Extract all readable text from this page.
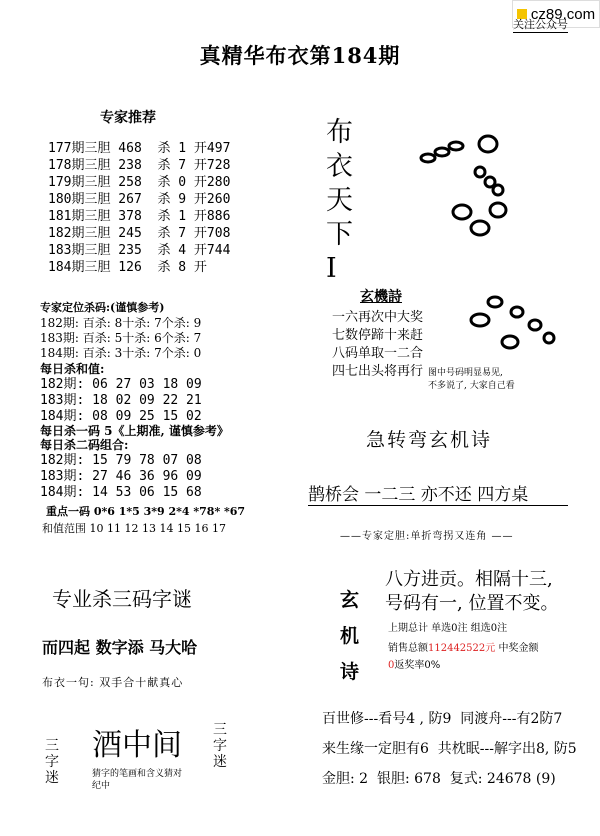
cz89.com
关注公众号
真精华布衣第184期
专家推荐
177期三胆 468  杀 1 开497
178期三胆 238  杀 7 开728
179期三胆 258  杀 0 开280
180期三胆 267  杀 9 开260
181期三胆 378  杀 1 开886
182期三胆 245  杀 7 开708
183期三胆 235  杀 4 开744
184期三胆 126  杀 8 开
专家定位杀码:(谨慎参考)
182期: 百杀: 8十杀: 7个杀: 9
183期: 百杀: 5十杀: 6个杀: 7
184期: 百杀: 3十杀: 7个杀: 0
每日杀和值:
182期: 06 27 03 18 09
183期: 18 02 09 22 21
184期: 08 09 25 15 02
每日杀一码 5《上期准, 谨慎参考》
每日杀二码组合:
182期: 15 79 78 07 08
183期: 27 46 36 96 09
184期: 14 53 06 15 68
重点一码 0*6 1*5 3*9 2*4 *78* *67
和值范围 10 11 12 13 14 15 16 17
布
衣
天
下
I
玄機詩
一六再次中大奖
七数停蹄十来赶
八码单取一二合
四七出头将再行 图中号码明显易见,
不多说了, 大家自己看
急转弯玄机诗
鹊桥会 一二三 亦不还 四方桌
——专家定胆:单折弯拐又连角 ——
玄
机
诗
八方进贡。相隔十三,
号码有一, 位置不变。
上期总计 单选0注 组选0注
销售总额112442522元 中奖金额
0返奖率0%
百世修---看号4 , 防9  同渡舟---有2防7
来生缘一定胆有6  共枕眠---解字出8, 防5
金胆: 2  银胆: 678  复式: 24678 (9)
专业杀三码字谜
而四起 数字添 马大哈
布衣一句: 双手合十献真心
酒中间
三字迷
三字迷
猜字的笔画和含义猜对纪中
